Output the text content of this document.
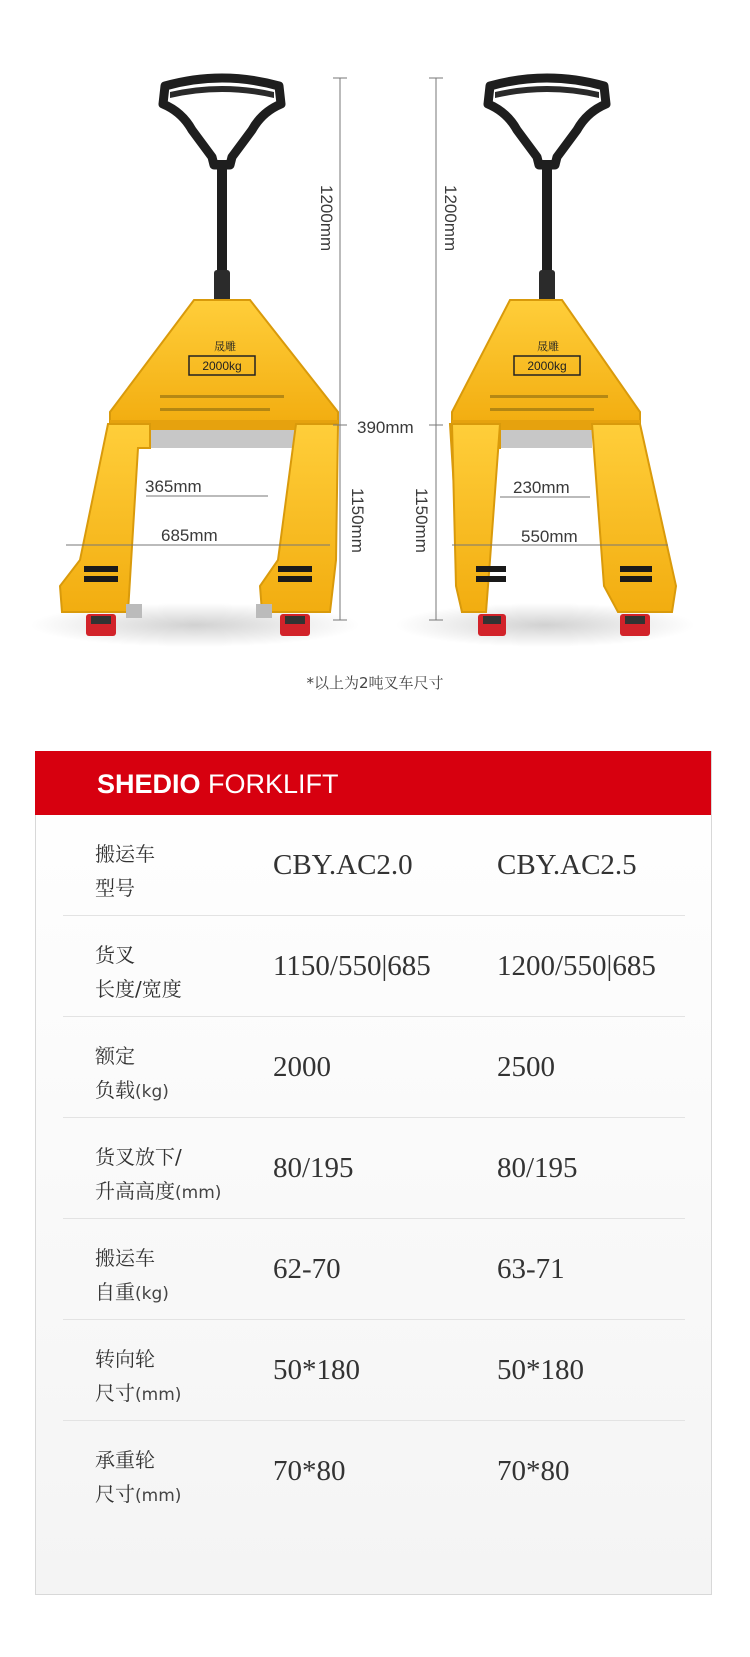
晟雕
2000kg
晟雕
2000kg
1200mm	1200mm
390mm
365mm
685mm	1150mm	1150mm
230mm
550mm
*以上为2吨叉车尺寸
SHEDIO FORKLIFT
搬运车
型号
CBY.AC2.0	CBY.AC2.5
货叉
长度/宽度
1150/550|685 1200/550|685
额定
负载(kg)
2000	2500
货叉放下/
升高高度(mm)
80/195	80/195
搬运车
自重(kg)
62-70	63-71
转向轮
尺寸(mm)
50*180	50*180
承重轮
尺寸(mm)
70*80	70*80
